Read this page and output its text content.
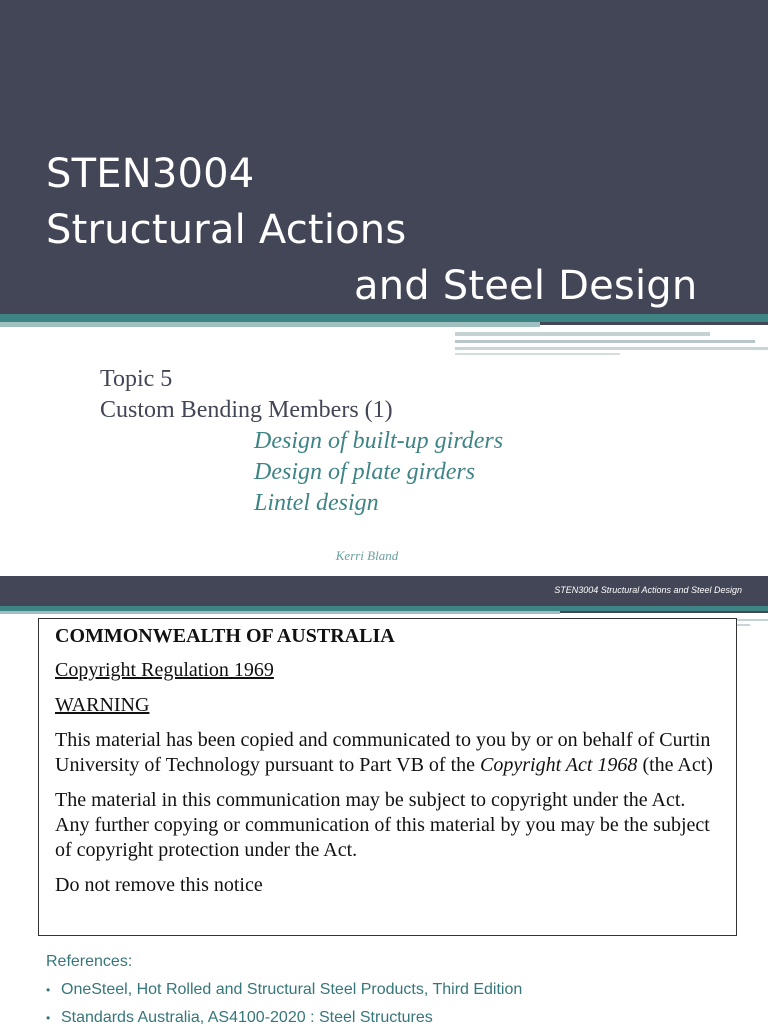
STEN3004
Structural Actions
and Steel Design
Topic 5
Custom Bending Members (1)
Design of built-up girders
Design of plate girders
Lintel design
Kerri Bland
STEN3004 Structural Actions and Steel Design

COMMONWEALTH OF AUSTRALIA

Copyright Regulation 1969

WARNING

This material has been copied and communicated to you by or on behalf of Curtin University of Technology pursuant to Part VB of the Copyright Act 1968 (the Act)

The material in this communication may be subject to copyright under the Act. Any further copying or communication of this material by you may be the subject of copyright protection under the Act.

Do not remove this notice

References:
• OneSteel, Hot Rolled and Structural Steel Products, Third Edition
• Standards Australia, AS4100-2020 : Steel Structures
